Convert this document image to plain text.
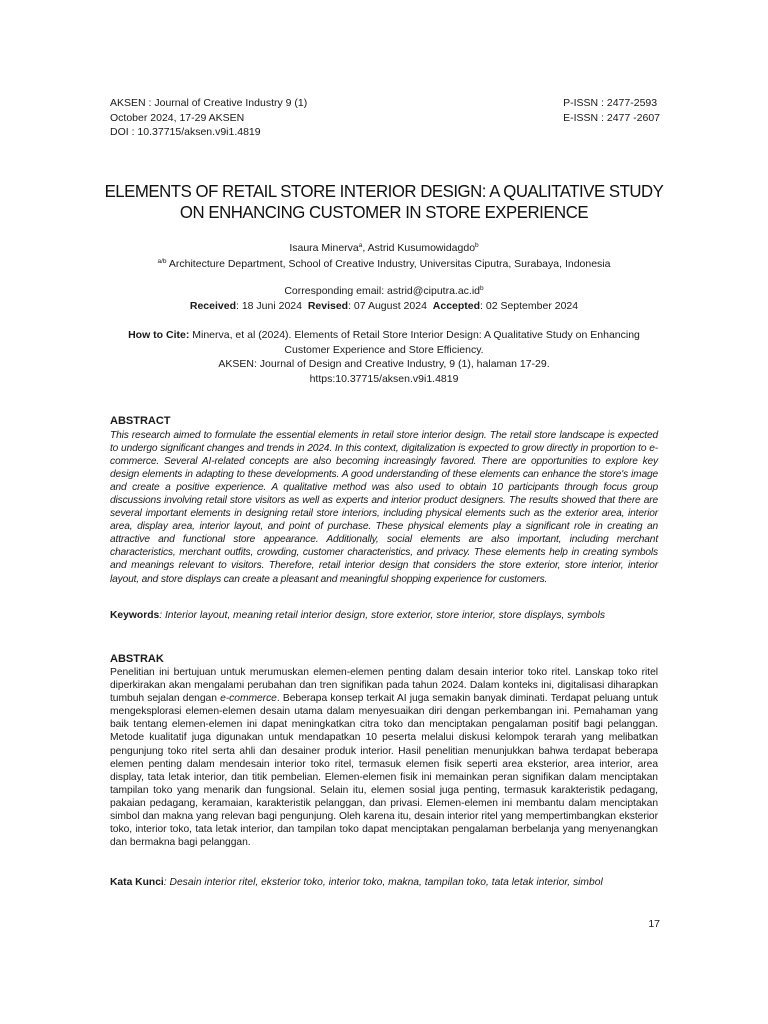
AKSEN : Journal of Creative Industry 9 (1)
October 2024, 17-29 AKSEN
DOI : 10.37715/aksen.v9i1.4819
P-ISSN : 2477-2593
E-ISSN : 2477 -2607
ELEMENTS OF RETAIL STORE INTERIOR DESIGN: A QUALITATIVE STUDY ON ENHANCING CUSTOMER IN STORE EXPERIENCE
Isaura Minerva$^a$, Astrid Kusumowidagdo$^b$
$^{a/b}$ Architecture Department, School of Creative Industry, Universitas Ciputra, Surabaya, Indonesia
Corresponding email: $astrid@ciputra.ac.id^b$
Received: 18 Juni 2024 Revised: 07 August 2024 Accepted: 02 September 2024
How to Cite: Minerva, et al (2024). Elements of Retail Store Interior Design: A Qualitative Study on Enhancing
Customer Experience and Store Efficiency.
AKSEN: Journal of Design and Creative Industry, 9 (1), halaman 17-29.
https:10.37715/aksen.v9i1.4819
ABSTRACT
This research aimed to formulate the essential elements in retail store interior design. The retail store landscape is expected to undergo significant changes and trends in 2024. In this context, digitalization is expected to grow directly in proportion to e-commerce. Several AI-related concepts are also becoming increasingly favored. There are opportunities to explore key design elements in adapting to these developments. A good understanding of these elements can enhance the store's image and create a positive experience. A qualitative method was also used to obtain 10 participants through focus group discussions involving retail store visitors as well as experts and interior product designers. The results showed that there are several important elements in designing retail store interiors, including physical elements such as the exterior area, interior area, display area, interior layout, and point of purchase. These physical elements play a significant role in creating an attractive and functional store appearance. Additionally, social elements are also important, including merchant characteristics, merchant outfits, crowding, customer characteristics, and privacy. These elements help in creating symbols and meanings relevant to visitors. Therefore, retail interior design that considers the store exterior, store interior, interior layout, and store displays can create a pleasant and meaningful shopping experience for customers.
Keywords: Interior layout, meaning retail interior design, store exterior, store interior, store displays, symbols
ABSTRAK
Penelitian ini bertujuan untuk merumuskan elemen-elemen penting dalam desain interior toko ritel. Lanskap toko ritel diperkirakan akan mengalami perubahan dan tren signifikan pada tahun 2024. Dalam konteks ini, digitalisasi diharapkan tumbuh sejalan dengan e-commerce. Beberapa konsep terkait AI juga semakin banyak diminati. Terdapat peluang untuk mengeksplorasi elemen-elemen desain utama dalam menyesuaikan diri dengan perkembangan ini. Pemahaman yang baik tentang elemen-elemen ini dapat meningkatkan citra toko dan menciptakan pengalaman positif bagi pelanggan. Metode kualitatif juga digunakan untuk mendapatkan 10 peserta melalui diskusi kelompok terarah yang melibatkan pengunjung toko ritel serta ahli dan desainer produk interior. Hasil penelitian menunjukkan bahwa terdapat beberapa elemen penting dalam mendesain interior toko ritel, termasuk elemen fisik seperti area eksterior, area interior, area display, tata letak interior, dan titik pembelian. Elemen-elemen fisik ini memainkan peran signifikan dalam menciptakan tampilan toko yang menarik dan fungsional. Selain itu, elemen sosial juga penting, termasuk karakteristik pedagang, pakaian pedagang, keramaian, karakteristik pelanggan, dan privasi. Elemen-elemen ini membantu dalam menciptakan simbol dan makna yang relevan bagi pengunjung. Oleh karena itu, desain interior ritel yang mempertimbangkan eksterior toko, interior toko, tata letak interior, dan tampilan toko dapat menciptakan pengalaman berbelanja yang menyenangkan dan bermakna bagi pelanggan.
Kata Kunci: Desain interior ritel, eksterior toko, interior toko, makna, tampilan toko, tata letak interior, simbol
17
